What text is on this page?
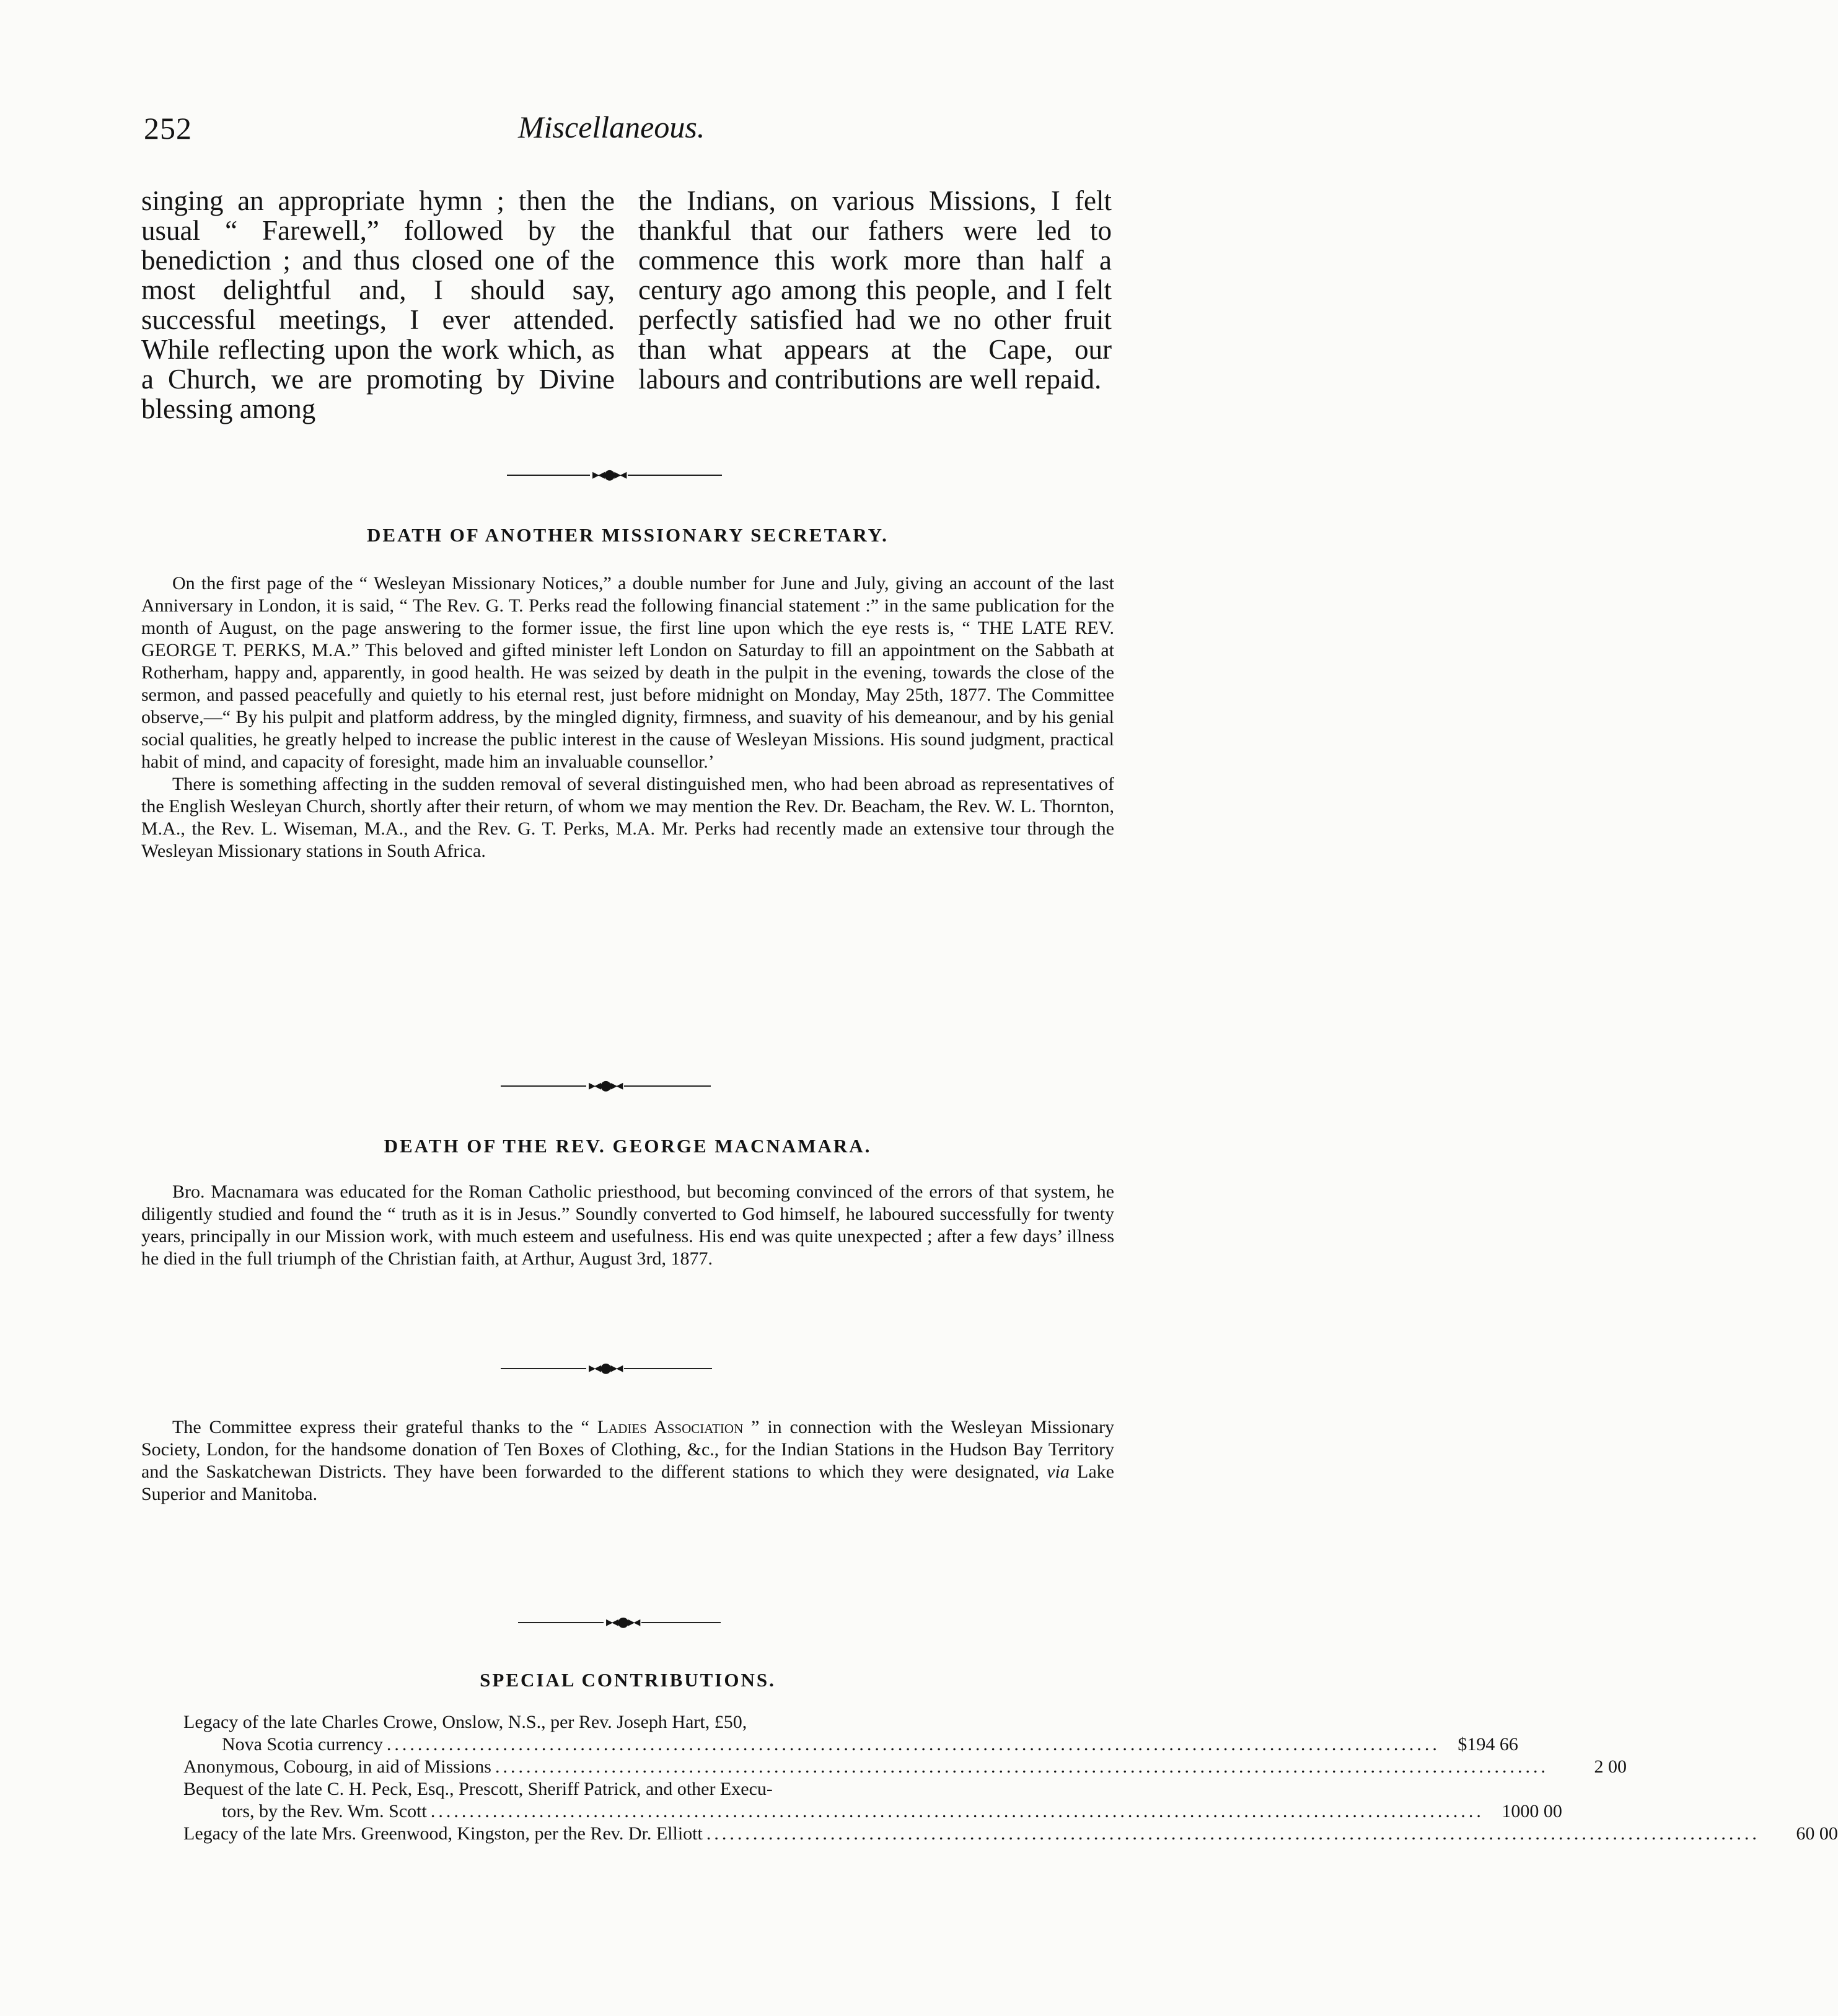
252	Miscellaneous.

singing an appropriate hymn ; then the usual “ Farewell,” followed by the benediction ; and thus closed one of the most delightful and, I should say, successful meetings, I ever attended. While reflecting upon the work which, as a Church, we are promoting by Divine blessing among

the Indians, on various Missions, I felt thankful that our fathers were led to commence this work more than half a century ago among this people, and I felt perfectly satisfied had we no other fruit than what appears at the Cape, our labours and contributions are well repaid.

▸◂●▸◂
DEATH OF ANOTHER MISSIONARY SECRETARY.

On the first page of the “ Wesleyan Missionary Notices,” a double number for June and July, giving an account of the last Anniversary in London, it is said, “ The Rev. G. T. Perks read the following financial statement :” in the same publication for the month of August, on the page answering to the former issue, the first line upon which the eye rests is, “ THE LATE REV. GEORGE T. PERKS, M.A.” This beloved and gifted minister left London on Saturday to fill an appointment on the Sabbath at Rotherham, happy and, apparently, in good health. He was seized by death in the pulpit in the evening, towards the close of the sermon, and passed peacefully and quietly to his eternal rest, just before midnight on Monday, May 25th, 1877. The Committee observe,—“ By his pulpit and platform address, by the mingled dignity, firmness, and suavity of his demeanour, and by his genial social qualities, he greatly helped to increase the public interest in the cause of Wesleyan Missions. His sound judgment, practical habit of mind, and capacity of foresight, made him an invaluable counsellor.’

There is something affecting in the sudden removal of several distinguished men, who had been abroad as representatives of the English Wesleyan Church, shortly after their return, of whom we may mention the Rev. Dr. Beacham, the Rev. W. L. Thornton, M.A., the Rev. L. Wiseman, M.A., and the Rev. G. T. Perks, M.A. Mr. Perks had recently made an extensive tour through the Wesleyan Missionary stations in South Africa.

▸◂●▸◂
DEATH OF THE REV. GEORGE MACNAMARA.

Bro. Macnamara was educated for the Roman Catholic priesthood, but becoming convinced of the errors of that system, he diligently studied and found the “ truth as it is in Jesus.” Soundly converted to God himself, he laboured successfully for twenty years, principally in our Mission work, with much esteem and usefulness. His end was quite unexpected ; after a few days’ illness he died in the full triumph of the Christian faith, at Arthur, August 3rd, 1877.

▸◂●▸◂

The Committee express their grateful thanks to the “ Ladies Association ” in connection with the Wesleyan Missionary Society, London, for the handsome donation of Ten Boxes of Clothing, &c., for the Indian Stations in the Hudson Bay Territory and the Saskatchewan Districts. They have been forwarded to the different stations to which they were designated, via Lake Superior and Manitoba.

▸◂●▸◂
SPECIAL CONTRIBUTIONS.
Legacy of the late Charles Crowe, Onslow, N.S., per Rev. Joseph Hart, £50,
Nova Scotia currency ........................................................................................................................................ $194 66
Anonymous, Cobourg, in aid of Missions ........................................................................................................................................	2 00
Bequest of the late C. H. Peck, Esq., Prescott, Sheriff Patrick, and other Execu-
tors, by the Rev. Wm. Scott ........................................................................................................................................ 1000 00
Legacy of the late Mrs. Greenwood, Kingston, per the Rev. Dr. Elliott ........................................................................................................................................	60 00
